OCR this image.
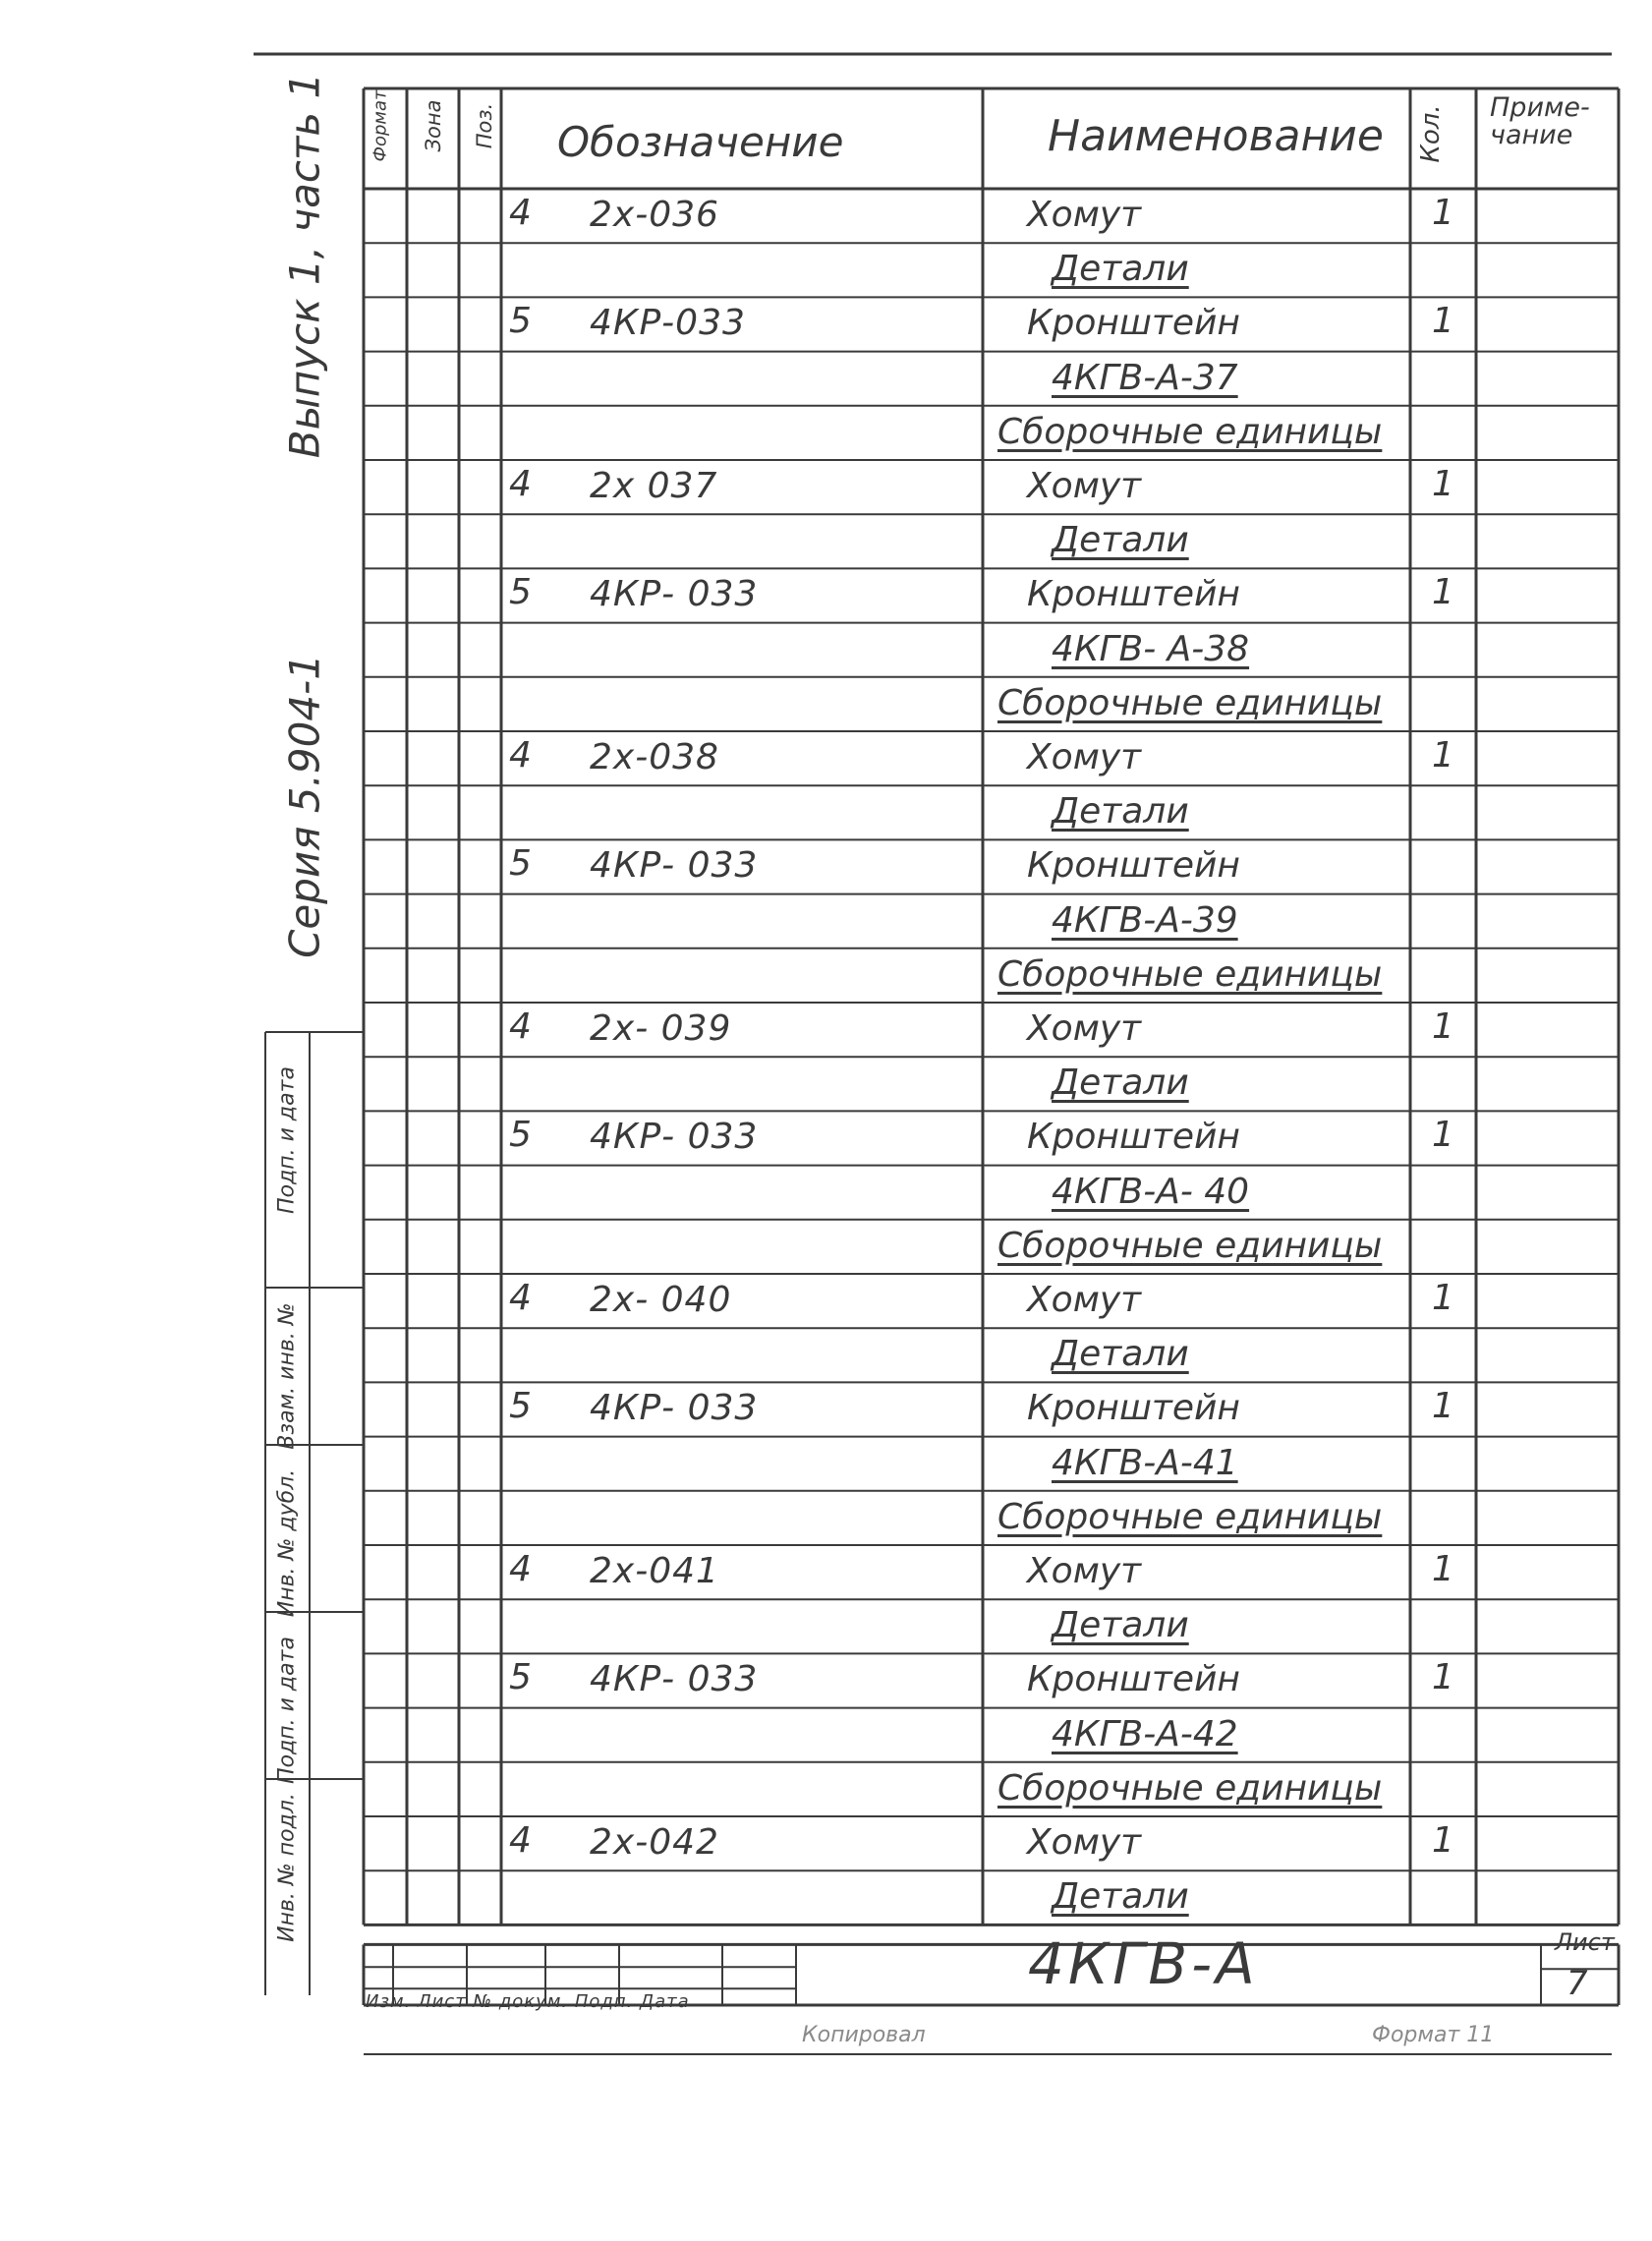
Серия 5.904-1
Выпуск 1, часть 1
Подп. и дата
Взам. инв. №
Инв. № дубл.
Подп. и дата
Инв. № подл.
Формат Зона Поз. Обозначение	Наименование Кол. Приме-
чание
4 2х-036	Хомут	1
Детали
5 4КР-033	Кронштейн	1
4КГВ-А-37
Сборочные единицы
4 2х 037	Хомут	1
Детали
5 4КР- 033	Кронштейн	1
4КГВ- А-38
Сборочные единицы
4 2х-038	Хомут	1
Детали
5 4КР- 033	Кронштейн
4КГВ-А-39
Сборочные единицы
4 2х- 039	Хомут	1
Детали
5 4КР- 033	Кронштейн	1
4КГВ-А- 40
Сборочные единицы
4 2х- 040	Хомут	1
Детали
5 4КР- 033	Кронштейн	1
4КГВ-А-41
Сборочные единицы
4 2х-041	Хомут	1
Детали
5 4КР- 033	Кронштейн	1
4КГВ-А-42
Сборочные единицы
4 2х-042	Хомут	1
Детали
4КГВ-А	Лист
7
Изм. Лист № докум. Подп. Дата
Копировал	Формат 11
